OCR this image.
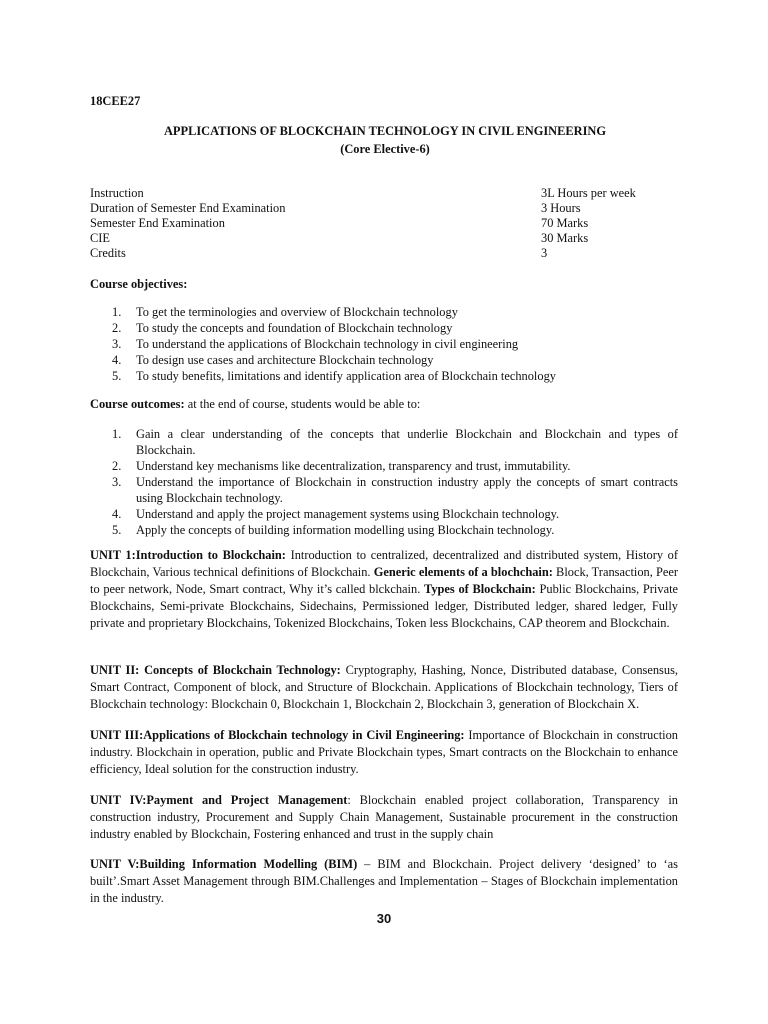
18CEE27
APPLICATIONS OF BLOCKCHAIN TECHNOLOGY IN CIVIL ENGINEERING
(Core Elective-6)
Instruction	3L Hours per week
Duration of Semester End Examination	3 Hours
Semester End Examination	70 Marks
CIE	30 Marks
Credits	3
Course objectives:
1. To get the terminologies and overview of Blockchain technology
2. To study the concepts and foundation of Blockchain technology
3. To understand the applications of Blockchain technology in civil engineering
4. To design use cases and architecture Blockchain technology
5. To study benefits, limitations and identify application area of Blockchain technology
Course outcomes: at the end of course, students would be able to:
1. Gain a clear understanding of the concepts that underlie Blockchain and Blockchain and types of Blockchain.
2. Understand key mechanisms like decentralization, transparency and trust, immutability.
3. Understand the importance of Blockchain in construction industry apply the concepts of smart contracts using Blockchain technology.
4. Understand and apply the project management systems using Blockchain technology.
5. Apply the concepts of building information modelling using Blockchain technology.
UNIT 1:Introduction to Blockchain: Introduction to centralized, decentralized and distributed system, History of Blockchain, Various technical definitions of Blockchain. Generic elements of a blochchain: Block, Transaction, Peer to peer network, Node, Smart contract, Why it’s called blckchain. Types of Blockchain: Public Blockchains, Private Blockchains, Semi-private Blockchains, Sidechains, Permissioned ledger, Distributed ledger, shared ledger, Fully private and proprietary Blockchains, Tokenized Blockchains, Token less Blockchains, CAP theorem and Blockchain.
UNIT II: Concepts of Blockchain Technology: Cryptography, Hashing, Nonce, Distributed database, Consensus, Smart Contract, Component of block, and Structure of Blockchain. Applications of Blockchain technology, Tiers of Blockchain technology: Blockchain 0, Blockchain 1, Blockchain 2, Blockchain 3, generation of Blockchain X.
UNIT III:Applications of Blockchain technology in Civil Engineering: Importance of Blockchain in construction industry. Blockchain in operation, public and Private Blockchain types, Smart contracts on the Blockchain to enhance efficiency, Ideal solution for the construction industry.
UNIT IV:Payment and Project Management: Blockchain enabled project collaboration, Transparency in construction industry, Procurement and Supply Chain Management, Sustainable procurement in the construction industry enabled by Blockchain, Fostering enhanced and trust in the supply chain
UNIT V:Building Information Modelling (BIM) – BIM and Blockchain. Project delivery ‘designed’ to ‘as built’.Smart Asset Management through BIM.Challenges and Implementation – Stages of Blockchain implementation in the industry.
30
